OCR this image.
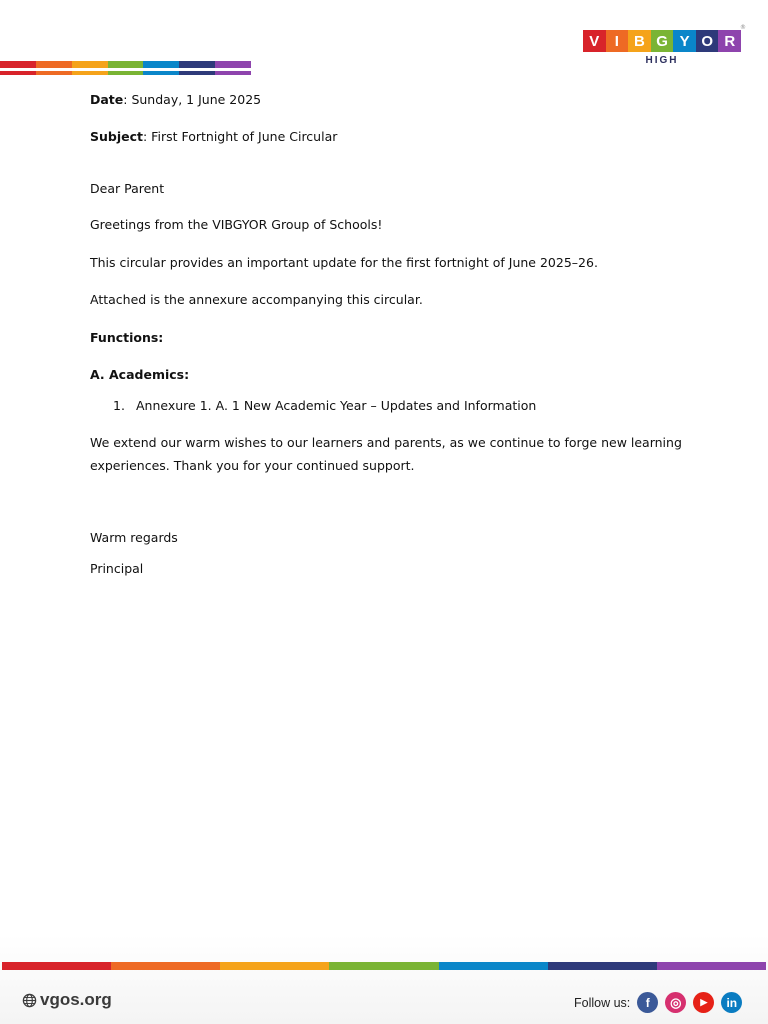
®
V	I	B G Y O R
HIGH

Date: Sunday, 1 June 2025

Subject: First Fortnight of June Circular

Dear Parent

Greetings from the VIBGYOR Group of Schools!

This circular provides an important update for the first fortnight of June 2025–26.

Attached is the annexure accompanying this circular.

Functions:

A. Academics:

1. Annexure 1. A. 1 New Academic Year – Updates and Information

We extend our warm wishes to our learners and parents, as we continue to forge new learning experiences. Thank you for your continued support.

Warm regards

Principal

vgos.org	Follow us:	f	◎	▶	in
